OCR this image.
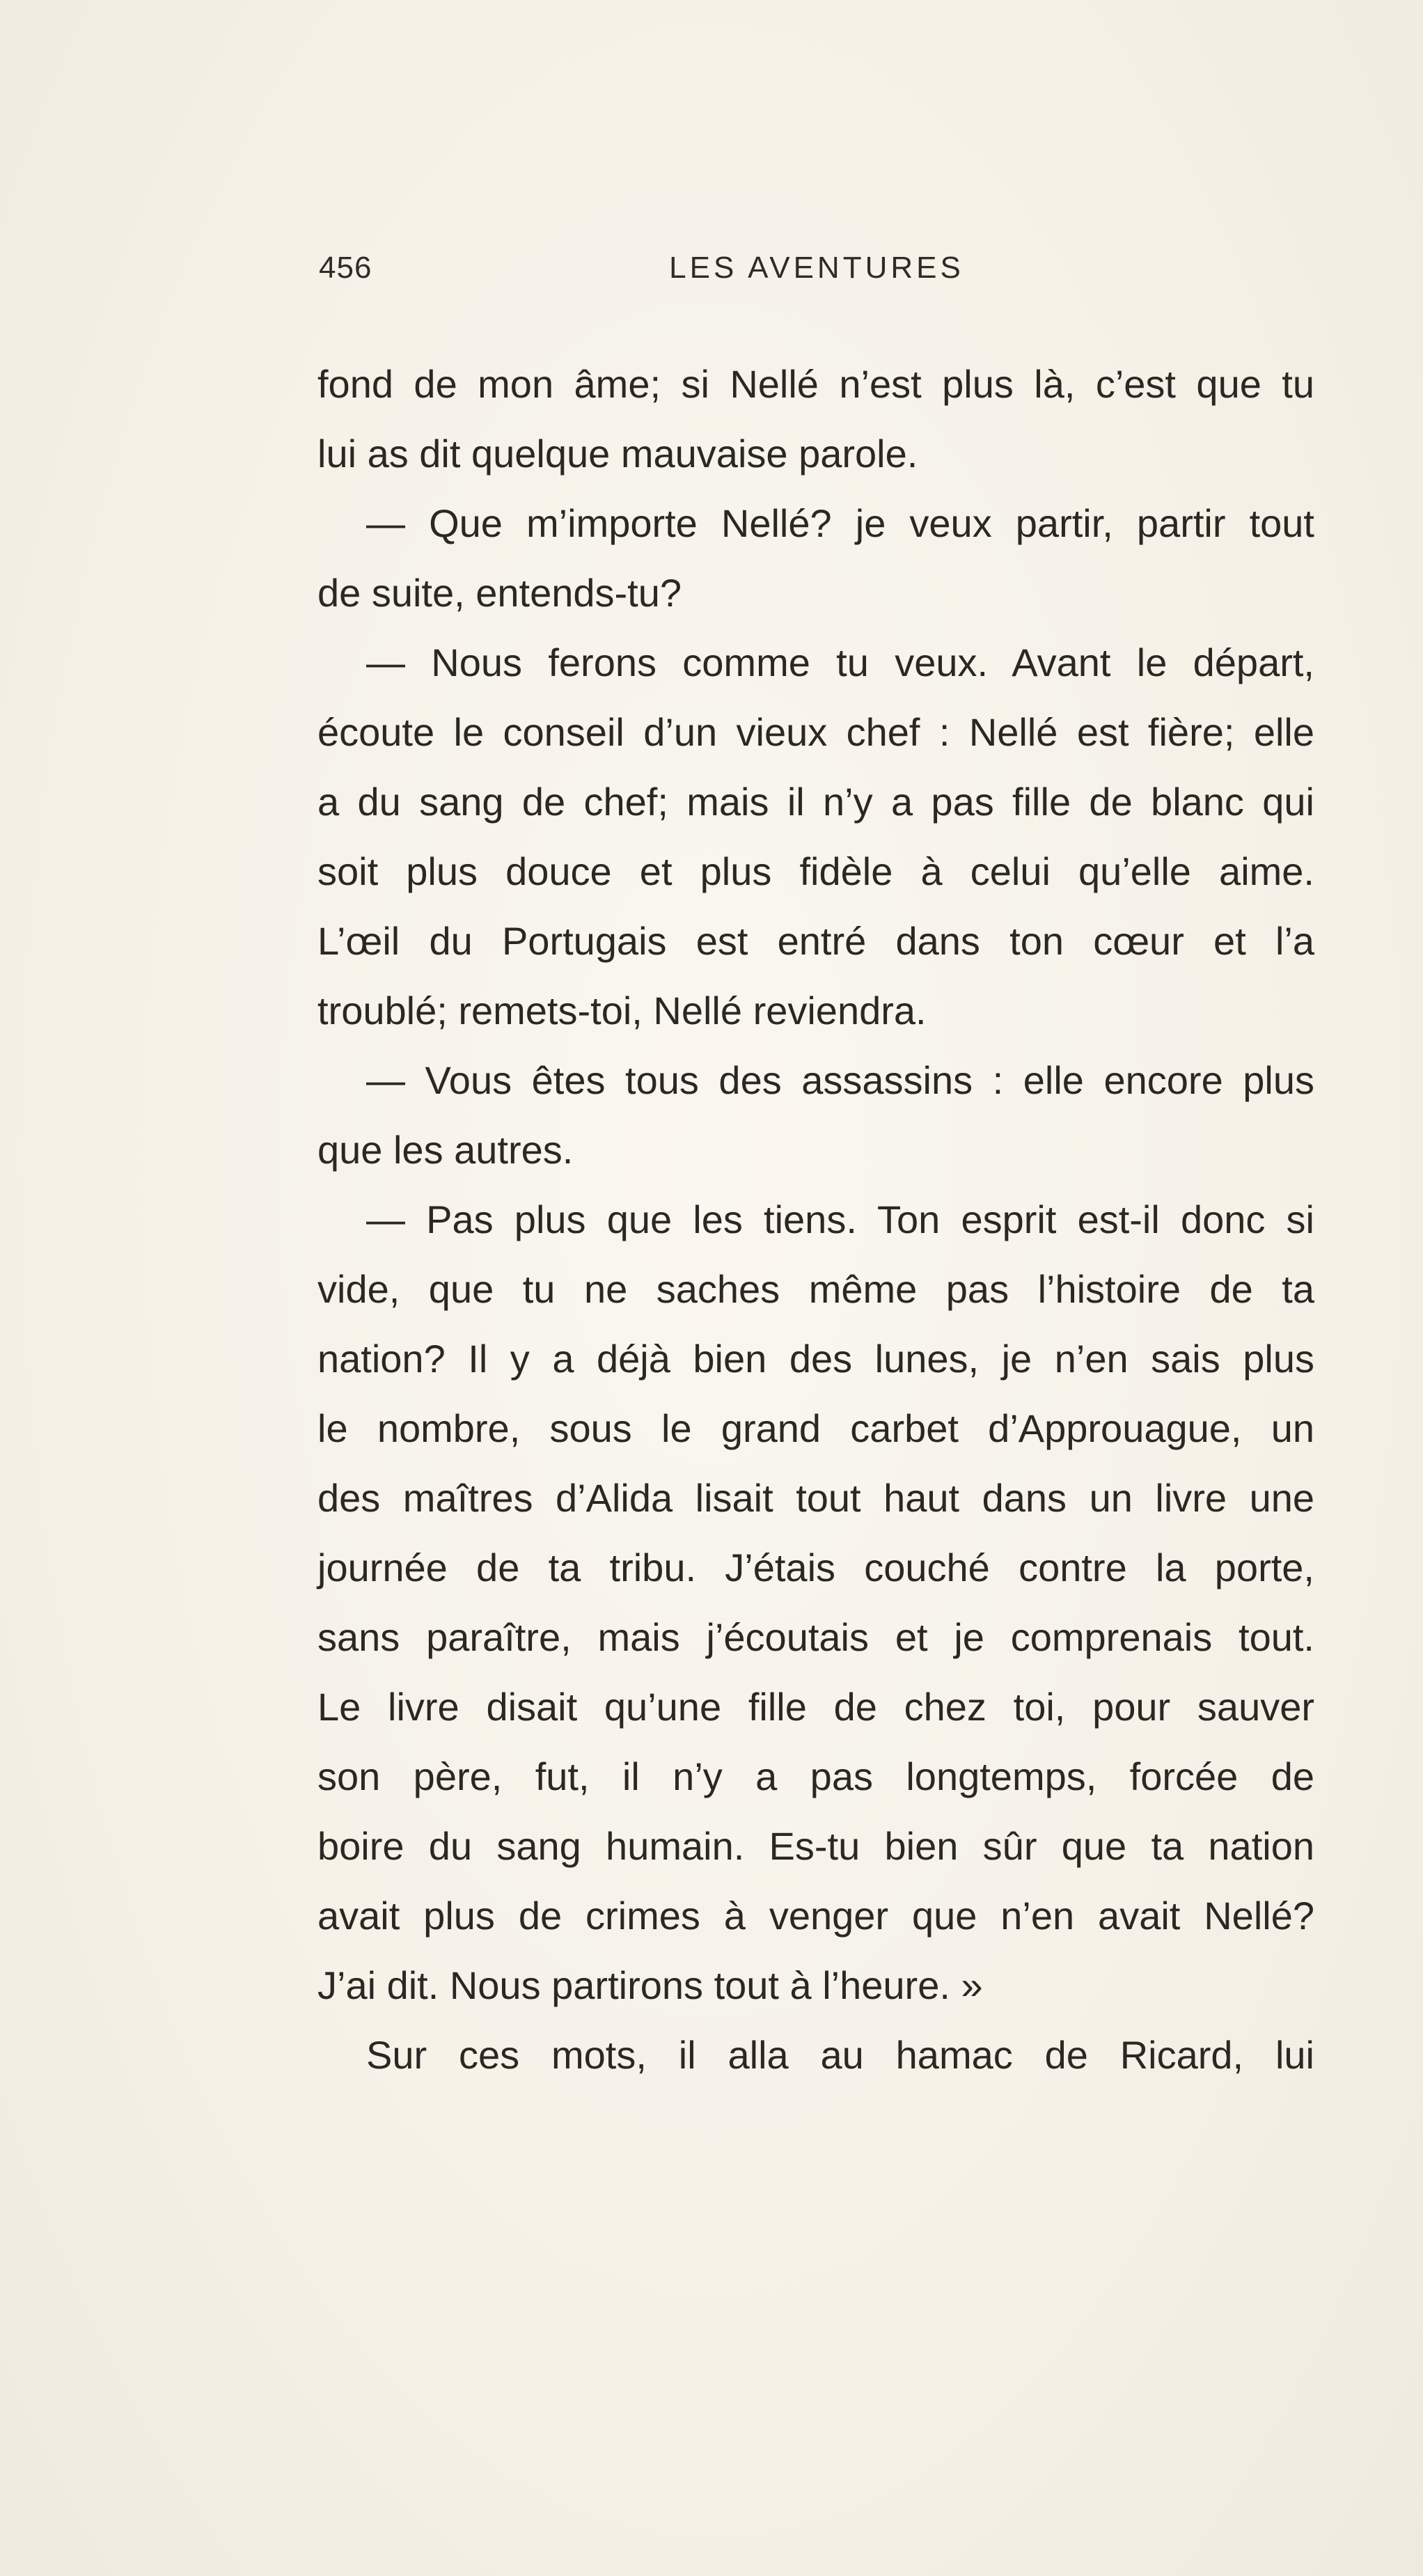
456	LES AVENTURES
fond de mon âme; si Nellé n’est plus là, c’est que tu
lui as dit quelque mauvaise parole.
— Que m’importe Nellé? je veux partir, partir tout
de suite, entends-tu?
— Nous ferons comme tu veux. Avant le départ,
écoute le conseil d’un vieux chef : Nellé est fière; elle
a du sang de chef; mais il n’y a pas fille de blanc qui
soit plus douce et plus fidèle à celui qu’elle aime.
L’œil du Portugais est entré dans ton cœur et l’a
troublé; remets-toi, Nellé reviendra.
— Vous êtes tous des assassins : elle encore plus
que les autres.
— Pas plus que les tiens. Ton esprit est-il donc si
vide, que tu ne saches même pas l’histoire de ta
nation? Il y a déjà bien des lunes, je n’en sais plus
le nombre, sous le grand carbet d’Approuague, un
des maîtres d’Alida lisait tout haut dans un livre une
journée de ta tribu. J’étais couché contre la porte,
sans paraître, mais j’écoutais et je comprenais tout.
Le livre disait qu’une fille de chez toi, pour sauver
son père, fut, il n’y a pas longtemps, forcée de
boire du sang humain. Es-tu bien sûr que ta nation
avait plus de crimes à venger que n’en avait Nellé?
J’ai dit. Nous partirons tout à l’heure. »
Sur ces mots, il alla au hamac de Ricard, lui
